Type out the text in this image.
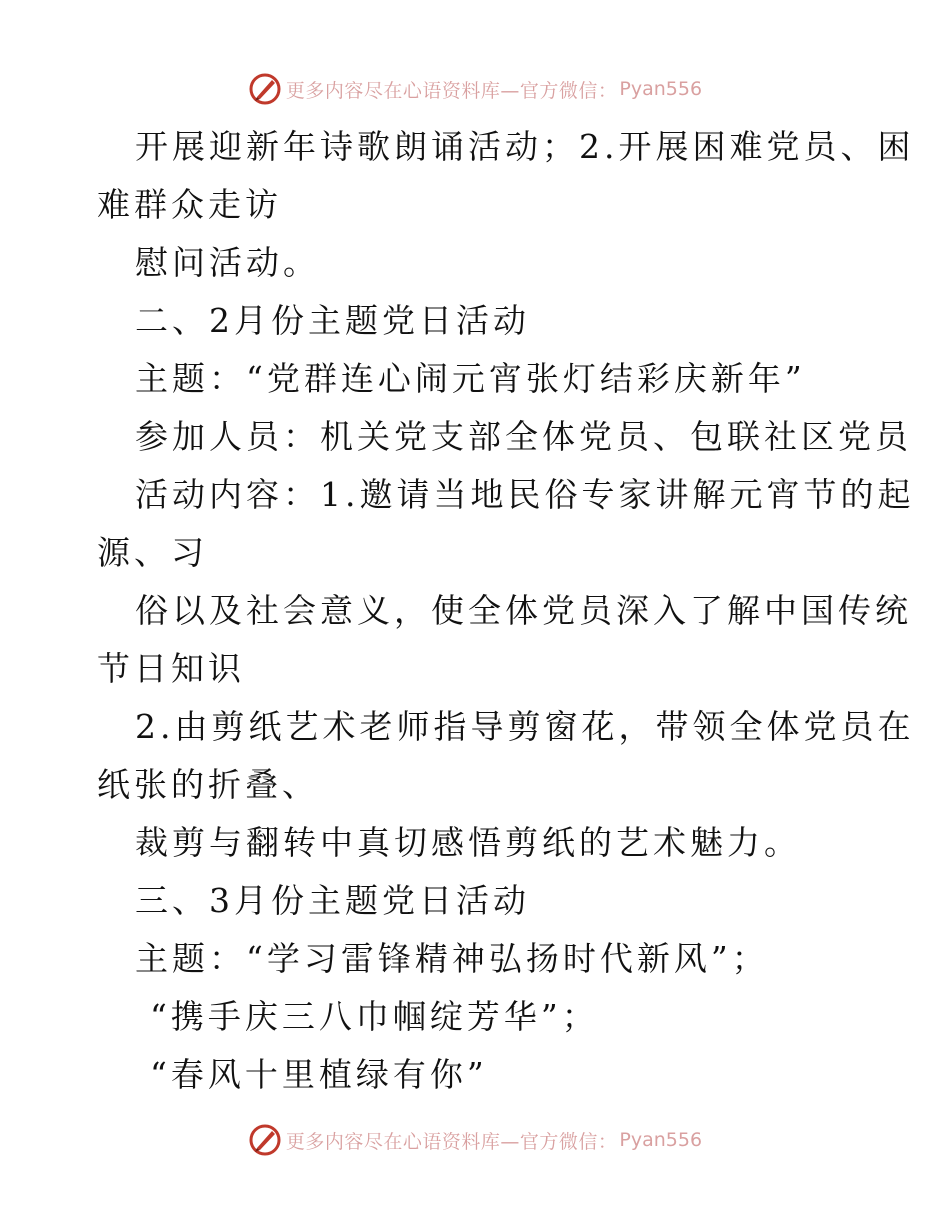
更多内容尽在心语资料库—官方微信： Pyan556
开展迎新年诗歌朗诵活动；2.开展困难党员、困
难群众走访
慰问活动。
二、2月份主题党日活动
主题：“党群连心闹元宵张灯结彩庆新年”
参加人员：机关党支部全体党员、包联社区党员
活动内容：1.邀请当地民俗专家讲解元宵节的起
源、习
俗以及社会意义，使全体党员深入了解中国传统
节日知识
2.由剪纸艺术老师指导剪窗花，带领全体党员在
纸张的折叠、
裁剪与翻转中真切感悟剪纸的艺术魅力。
三、3月份主题党日活动
主题：“学习雷锋精神弘扬时代新风”；
“携手庆三八巾帼绽芳华”；
“春风十里植绿有你”
更多内容尽在心语资料库—官方微信： Pyan556
